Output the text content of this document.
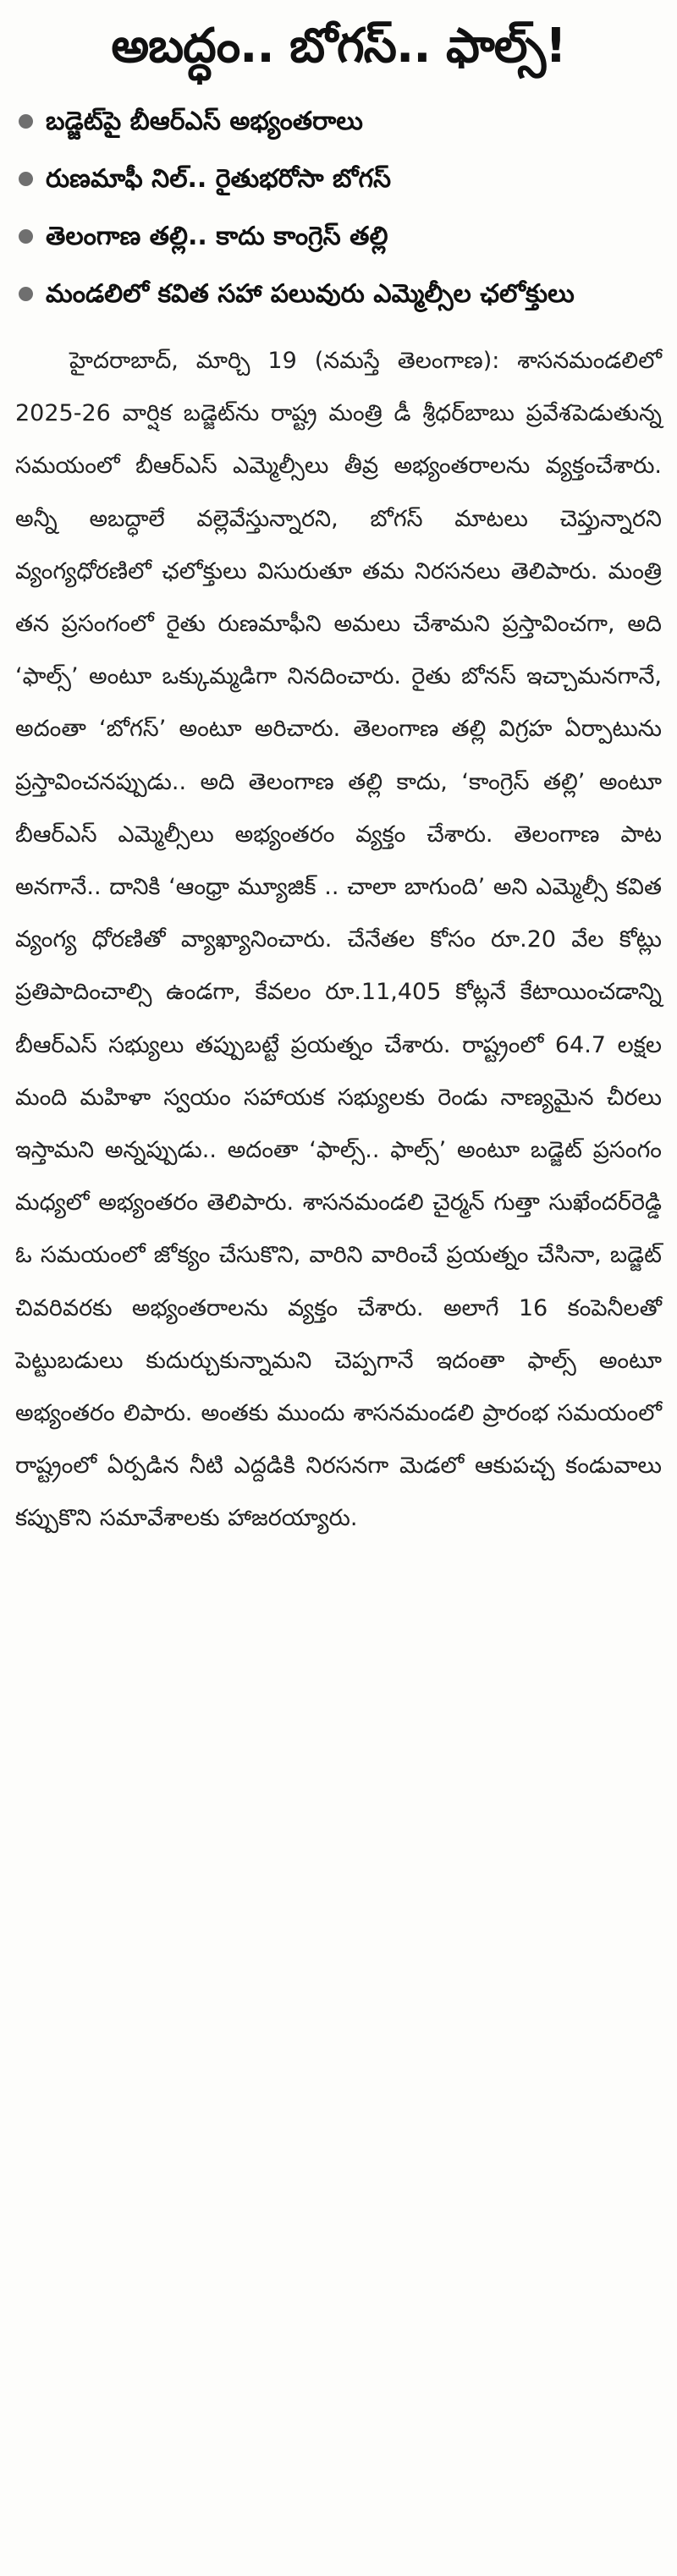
అబద్ధం.. బోగస్.. ఫాల్స్!
బడ్జెట్‌పై బీఆర్‌ఎస్ అభ్యంతరాలు
రుణమాఫీ నిల్.. రైతుభరోసా బోగస్
తెలంగాణ తల్లి.. కాదు కాంగ్రెస్ తల్లి
మండలిలో కవిత సహా పలువురు ఎమ్మెల్సీల ఛలోక్తులు

హైదరాబాద్, మార్చి 19 (నమస్తే తెలంగాణ): శాసనమండలిలో 2025-26 వార్షిక బడ్జెట్‌ను రాష్ట్ర మంత్రి డీ శ్రీధర్‌బాబు ప్రవేశపెడుతున్న సమయంలో బీఆర్‌ఎస్ ఎమ్మెల్సీలు తీవ్ర అభ్యంతరాలను వ్యక్తంచేశారు. అన్నీ అబద్ధాలే వల్లెవేస్తున్నారని, బోగస్ మాటలు చెప్తున్నారని వ్యంగ్యధోరణిలో ఛలోక్తులు విసురుతూ తమ నిరసనలు తెలిపారు. మంత్రి తన ప్రసంగంలో రైతు రుణమాఫీని అమలు చేశామని ప్రస్తావించగా, అది ‘ఫాల్స్’ అంటూ ఒక్కుమ్మడిగా నినదించారు. రైతు బోనస్ ఇచ్చామనగానే, అదంతా ‘బోగస్’ అంటూ అరిచారు. తెలంగాణ తల్లి విగ్రహ ఏర్పాటును ప్రస్తావించనప్పుడు.. అది తెలంగాణ తల్లి కాదు, ‘కాంగ్రెస్ తల్లి’ అంటూ బీఆర్‌ఎస్ ఎమ్మెల్సీలు అభ్యంతరం వ్యక్తం చేశారు. తెలంగాణ పాట అనగానే.. దానికి ‘ఆంధ్రా మ్యూజిక్ .. చాలా బాగుంది’ అని ఎమ్మెల్సీ కవిత వ్యంగ్య ధోరణితో వ్యాఖ్యానించారు. చేనేతల కోసం రూ.20 వేల కోట్లు ప్రతిపాదించాల్సి ఉండగా, కేవలం రూ.11,405 కోట్లనే కేటాయించడాన్ని బీఆర్‌ఎస్ సభ్యులు తప్పుబట్టే ప్రయత్నం చేశారు. రాష్ట్రంలో 64.7 లక్షల మంది మహిళా స్వయం సహాయక సభ్యులకు రెండు నాణ్యమైన చీరలు ఇస్తామని అన్నప్పుడు.. అదంతా ‘ఫాల్స్.. ఫాల్స్’ అంటూ బడ్జెట్ ప్రసంగం మధ్యలో అభ్యంతరం తెలిపారు. శాసనమండలి చైర్మన్ గుత్తా సుఖేందర్‌రెడ్డి ఓ సమయంలో జోక్యం చేసుకొని, వారిని వారించే ప్రయత్నం చేసినా, బడ్జెట్ చివరివరకు అభ్యంతరాలను వ్యక్తం చేశారు. అలాగే 16 కంపెనీలతో పెట్టుబడులు కుదుర్చుకున్నామని చెప్పగానే ఇదంతా ఫాల్స్ అంటూ అభ్యంతరం లిపారు. అంతకు ముందు శాసనమండలి ప్రారంభ సమయంలో రాష్ట్రంలో ఏర్పడిన నీటి ఎద్దడికి నిరసనగా మెడలో ఆకుపచ్చ కండువాలు కప్పుకొని సమావేశాలకు హాజరయ్యారు.
